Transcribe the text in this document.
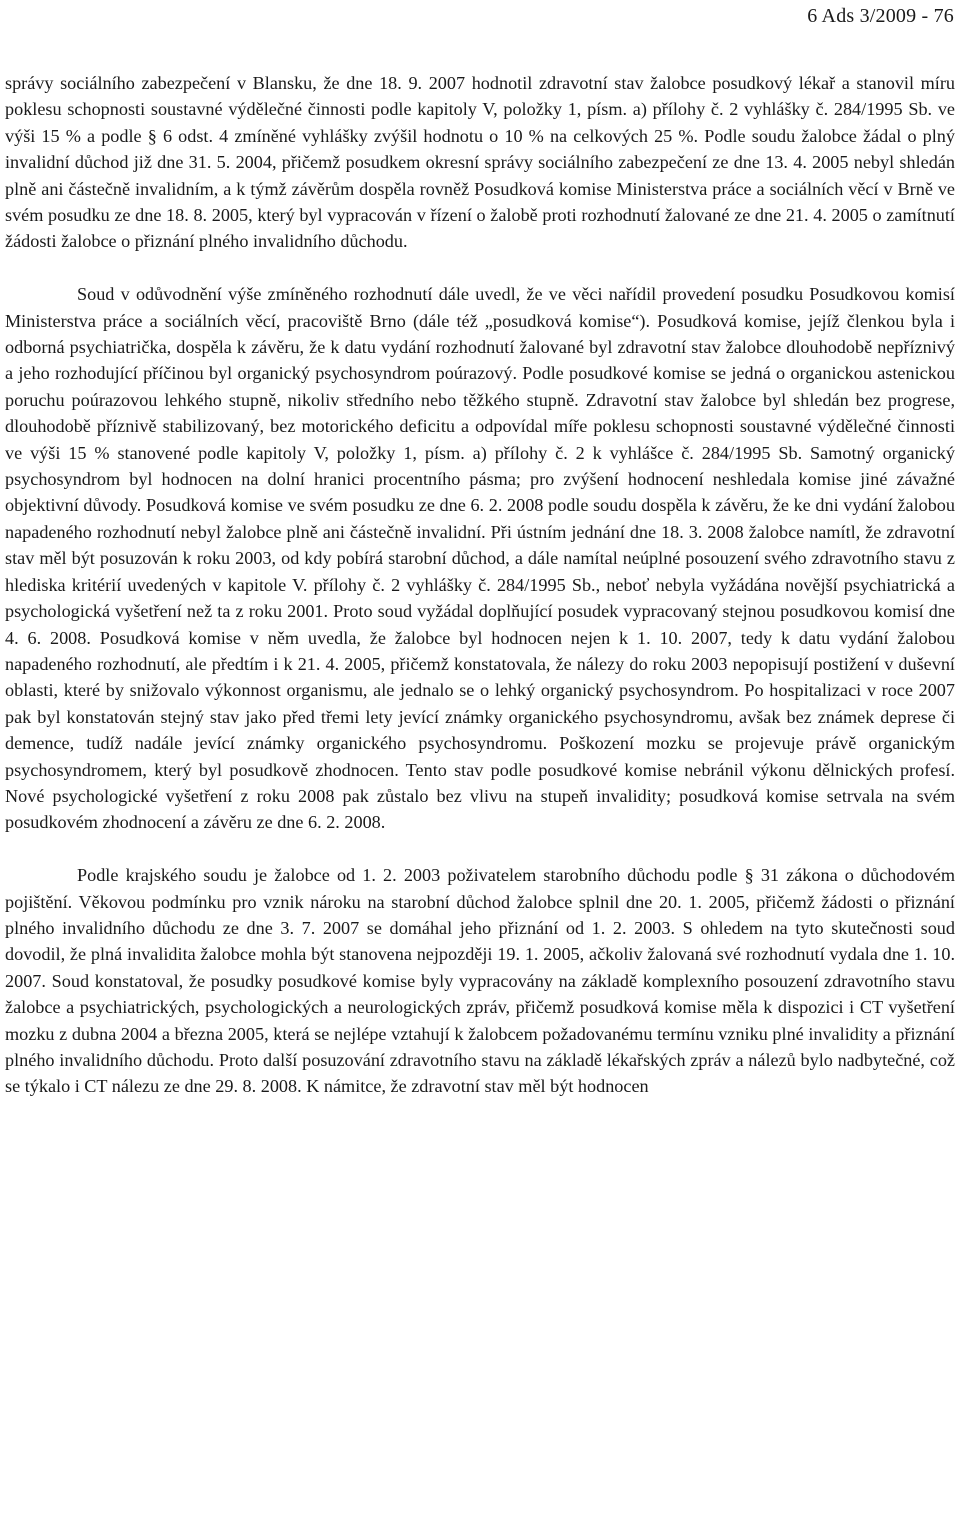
6 Ads 3/2009 - 76

správy sociálního zabezpečení v Blansku, že dne 18. 9. 2007 hodnotil zdravotní stav žalobce posudkový lékař a stanovil míru poklesu schopnosti soustavné výdělečné činnosti podle kapitoly V, položky 1, písm. a) přílohy č. 2 vyhlášky č. 284/1995 Sb. ve výši 15 % a podle § 6 odst. 4 zmíněné vyhlášky zvýšil hodnotu o 10 % na celkových 25 %. Podle soudu žalobce žádal o plný invalidní důchod již dne 31. 5. 2004, přičemž posudkem okresní správy sociálního zabezpečení ze dne 13. 4. 2005 nebyl shledán plně ani částečně invalidním, a k týmž závěrům dospěla rovněž Posudková komise Ministerstva práce a sociálních věcí v Brně ve svém posudku ze dne 18. 8. 2005, který byl vypracován v řízení o žalobě proti rozhodnutí žalované ze dne 21. 4. 2005 o zamítnutí žádosti žalobce o přiznání plného invalidního důchodu.

Soud v odůvodnění výše zmíněného rozhodnutí dále uvedl, že ve věci nařídil provedení posudku Posudkovou komisí Ministerstva práce a sociálních věcí, pracoviště Brno (dále též „posudková komise“). Posudková komise, jejíž členkou byla i odborná psychiatrička, dospěla k závěru, že k datu vydání rozhodnutí žalované byl zdravotní stav žalobce dlouhodobě nepříznivý a jeho rozhodující příčinou byl organický psychosyndrom poúrazový. Podle posudkové komise se jedná o organickou astenickou poruchu poúrazovou lehkého stupně, nikoliv středního nebo těžkého stupně. Zdravotní stav žalobce byl shledán bez progrese, dlouhodobě příznivě stabilizovaný, bez motorického deficitu a odpovídal míře poklesu schopnosti soustavné výdělečné činnosti ve výši 15 % stanovené podle kapitoly V, položky 1, písm. a) přílohy č. 2 k vyhlášce č. 284/1995 Sb. Samotný organický psychosyndrom byl hodnocen na dolní hranici procentního pásma; pro zvýšení hodnocení neshledala komise jiné závažné objektivní důvody. Posudková komise ve svém posudku ze dne 6. 2. 2008 podle soudu dospěla k závěru, že ke dni vydání žalobou napadeného rozhodnutí nebyl žalobce plně ani částečně invalidní. Při ústním jednání dne 18. 3. 2008 žalobce namítl, že zdravotní stav měl být posuzován k roku 2003, od kdy pobírá starobní důchod, a dále namítal neúplné posouzení svého zdravotního stavu z hlediska kritérií uvedených v kapitole V. přílohy č. 2 vyhlášky č. 284/1995 Sb., neboť nebyla vyžádána novější psychiatrická a psychologická vyšetření než ta z roku 2001. Proto soud vyžádal doplňující posudek vypracovaný stejnou posudkovou komisí dne 4. 6. 2008. Posudková komise v něm uvedla, že žalobce byl hodnocen nejen k 1. 10. 2007, tedy k datu vydání žalobou napadeného rozhodnutí, ale předtím i k 21. 4. 2005, přičemž konstatovala, že nálezy do roku 2003 nepopisují postižení v duševní oblasti, které by snižovalo výkonnost organismu, ale jednalo se o lehký organický psychosyndrom. Po hospitalizaci v roce 2007 pak byl konstatován stejný stav jako před třemi lety jevící známky organického psychosyndromu, avšak bez známek deprese či demence, tudíž nadále jevící známky organického psychosyndromu. Poškození mozku se projevuje právě organickým psychosyndromem, který byl posudkově zhodnocen. Tento stav podle posudkové komise nebránil výkonu dělnických profesí. Nové psychologické vyšetření z roku 2008 pak zůstalo bez vlivu na stupeň invalidity; posudková komise setrvala na svém posudkovém zhodnocení a závěru ze dne 6. 2. 2008.

Podle krajského soudu je žalobce od 1. 2. 2003 poživatelem starobního důchodu podle § 31 zákona o důchodovém pojištění. Věkovou podmínku pro vznik nároku na starobní důchod žalobce splnil dne 20. 1. 2005, přičemž žádosti o přiznání plného invalidního důchodu ze dne 3. 7. 2007 se domáhal jeho přiznání od 1. 2. 2003. S ohledem na tyto skutečnosti soud dovodil, že plná invalidita žalobce mohla být stanovena nejpozději 19. 1. 2005, ačkoliv žalovaná své rozhodnutí vydala dne 1. 10. 2007. Soud konstatoval, že posudky posudkové komise byly vypracovány na základě komplexního posouzení zdravotního stavu žalobce a psychiatrických, psychologických a neurologických zpráv, přičemž posudková komise měla k dispozici i CT vyšetření mozku z dubna 2004 a března 2005, která se nejlépe vztahují k žalobcem požadovanému termínu vzniku plné invalidity a přiznání plného invalidního důchodu. Proto další posuzování zdravotního stavu na základě lékařských zpráv a nálezů bylo nadbytečné, což se týkalo i CT nálezu ze dne 29. 8. 2008. K námitce, že zdravotní stav měl být hodnocen
